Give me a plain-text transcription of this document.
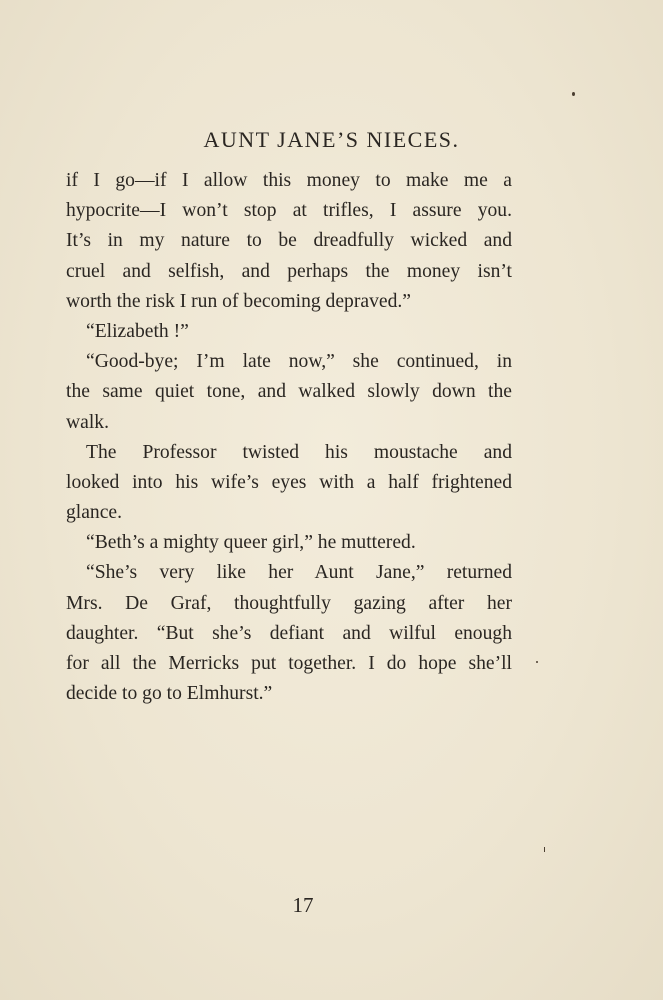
AUNT JANE’S NIECES.
if I go—if I allow this money to make me a
hypocrite—I won’t stop at trifles, I assure you.
It’s in my nature to be dreadfully wicked and
cruel and selfish, and perhaps the money isn’t
worth the risk I run of becoming depraved.”
“Elizabeth !”
“Good-bye; I’m late now,” she continued, in
the same quiet tone, and walked slowly down the
walk.
The Professor twisted his moustache and
looked into his wife’s eyes with a half frightened
glance.
“Beth’s a mighty queer girl,” he muttered.
“She’s very like her Aunt Jane,” returned
Mrs. De Graf, thoughtfully gazing after her
daughter. “But she’s defiant and wilful enough
for all the Merricks put together. I do hope she’ll
decide to go to Elmhurst.”
17
